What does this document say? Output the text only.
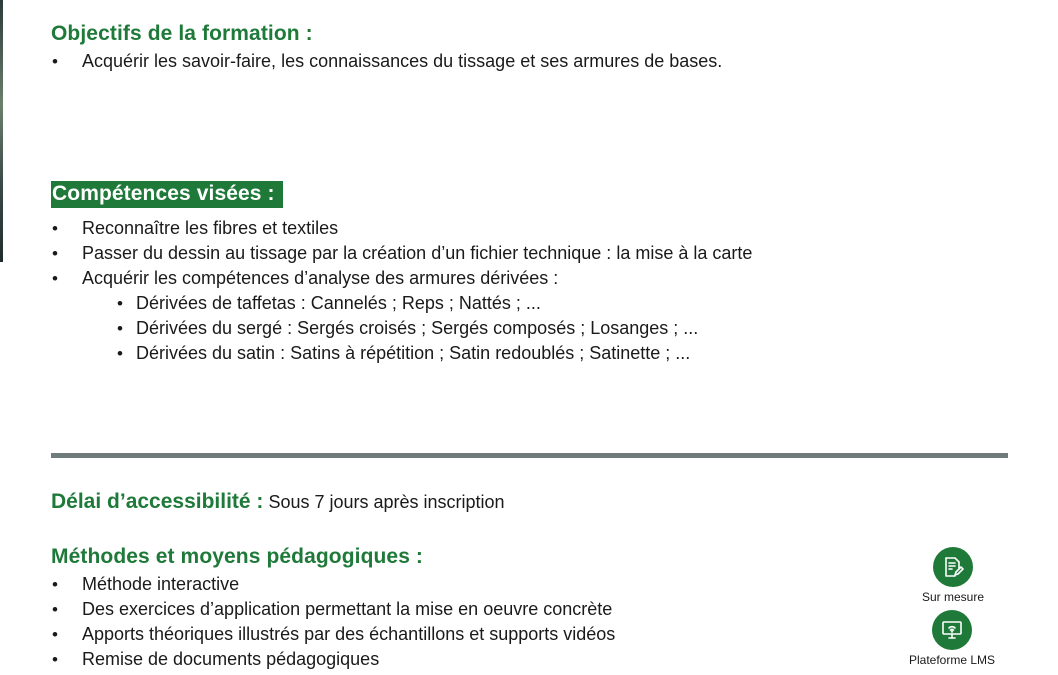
Objectifs de la formation :
• Acquérir les savoir-faire, les connaissances du tissage et ses armures de bases.
Compétences visées :
• Reconnaître les fibres et textiles
• Passer du dessin au tissage par la création d’un fichier technique : la mise à la carte
• Acquérir les compétences d’analyse des armures dérivées :
• Dérivées de taffetas : Cannelés ; Reps ; Nattés ; ...
• Dérivées du sergé : Sergés croisés ; Sergés composés ; Losanges ; ...
• Dérivées du satin : Satins à répétition ; Satin redoublés ; Satinette ; ...
Délai d’accessibilité : Sous 7 jours après inscription
Méthodes et moyens pédagogiques :
• Méthode interactive
• Des exercices d’application permettant la mise en oeuvre concrète
• Apports théoriques illustrés par des échantillons et supports vidéos
• Remise de documents pédagogiques
Sur mesure
Plateforme LMS
